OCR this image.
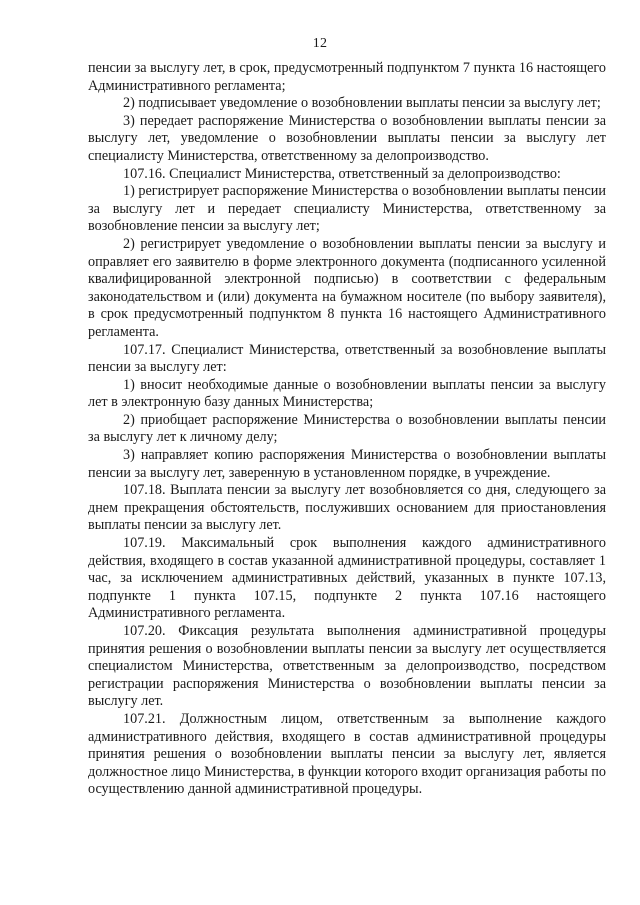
12

пенсии за выслугу лет, в срок, предусмотренный подпунктом 7 пункта 16 настоящего Административного регламента;

2) подписывает уведомление о возобновлении выплаты пенсии за выслугу лет;

3) передает распоряжение Министерства о возобновлении выплаты пенсии за выслугу лет, уведомление о возобновлении выплаты пенсии за выслугу лет специалисту Министерства, ответственному за делопроизводство.

107.16. Специалист Министерства, ответственный за делопроизводство:

1) регистрирует распоряжение Министерства о возобновлении выплаты пенсии за выслугу лет и передает специалисту Министерства, ответственному за возобновление пенсии за выслугу лет;

2) регистрирует уведомление о возобновлении выплаты пенсии за выслугу и оправляет его заявителю в форме электронного документа (подписанного усиленной квалифицированной электронной подписью) в соответствии с федеральным законодательством и (или) документа на бумажном носителе (по выбору заявителя), в срок предусмотренный подпунктом 8 пункта 16 настоящего Административного регламента.

107.17. Специалист Министерства, ответственный за возобновление выплаты пенсии за выслугу лет:

1) вносит необходимые данные о возобновлении выплаты пенсии за выслугу лет в электронную базу данных Министерства;

2) приобщает распоряжение Министерства о возобновлении выплаты пенсии за выслугу лет к личному делу;

3) направляет копию распоряжения Министерства о возобновлении выплаты пенсии за выслугу лет, заверенную в установленном порядке, в учреждение.

107.18. Выплата пенсии за выслугу лет возобновляется со дня, следующего за днем прекращения обстоятельств, послуживших основанием для приостановления выплаты пенсии за выслугу лет.

107.19. Максимальный срок выполнения каждого административного действия, входящего в состав указанной административной процедуры, составляет 1 час, за исключением административных действий, указанных в пункте 107.13, подпункте 1 пункта 107.15, подпункте 2 пункта 107.16 настоящего Административного регламента.

107.20. Фиксация результата выполнения административной процедуры принятия решения о возобновлении выплаты пенсии за выслугу лет осуществляется специалистом Министерства, ответственным за делопроизводство, посредством регистрации распоряжения Министерства о возобновлении выплаты пенсии за выслугу лет.

107.21. Должностным лицом, ответственным за выполнение каждого административного действия, входящего в состав административной процедуры принятия решения о возобновлении выплаты пенсии за выслугу лет, является должностное лицо Министерства, в функции которого входит организация работы по осуществлению данной административной процедуры.
